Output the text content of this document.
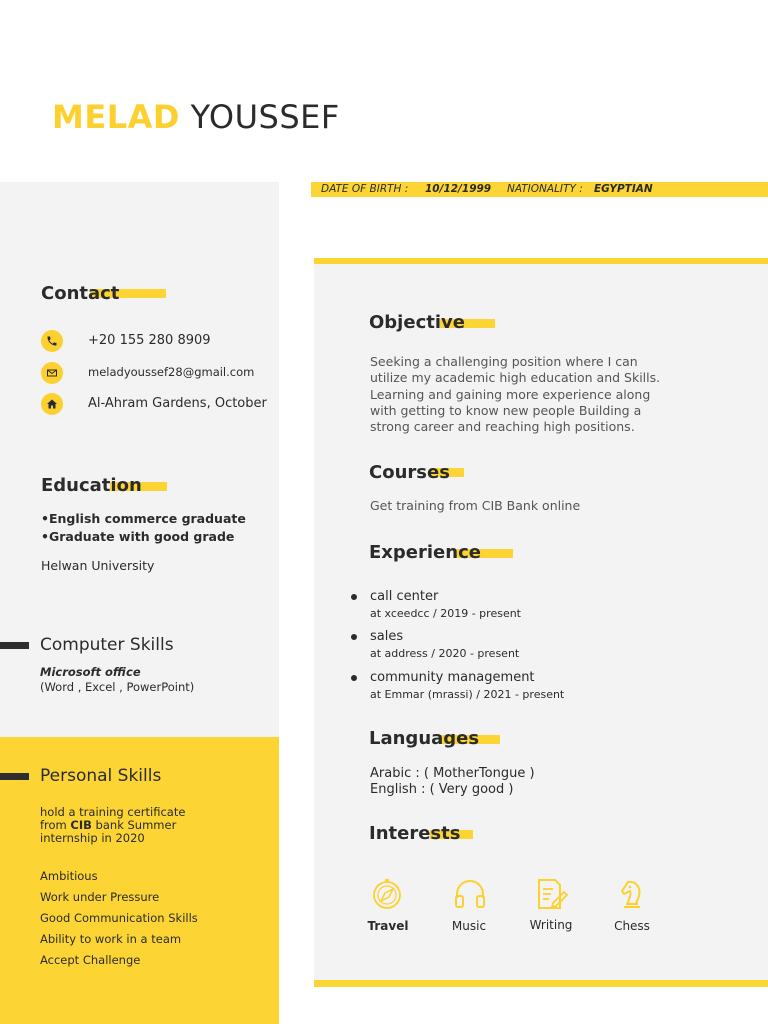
MELAD YOUSSEF
DATE OF BIRTH : 10/12/1999 NATIONALITY : EGYPTIAN
Contact
+20 155 280 8909
meladyoussef28@gmail.com
Al-Ahram Gardens, October
Education
•English commerce graduate
•Graduate with good grade
Helwan University
Computer Skills
Microsoft office
(Word , Excel , PowerPoint)
Personal Skills
hold a training certificate
from CIB bank Summer
internship in 2020
Ambitious
Work under Pressure
Good Communication Skills
Ability to work in a team
Accept Challenge
Objective
Seeking a challenging position where I can
utilize my academic high education and Skills.
Learning and gaining more experience along
with getting to know new people Building a
strong career and reaching high positions.
Courses
Get training from CIB Bank online
Experience
call center
at xceedcc / 2019 - present
sales
at address / 2020 - present
community management
at Emmar (mrassi) / 2021 - present
Languages
Arabic : ( MotherTongue )
English : ( Very good )
Interests
Travel	Music	Writing	Chess
